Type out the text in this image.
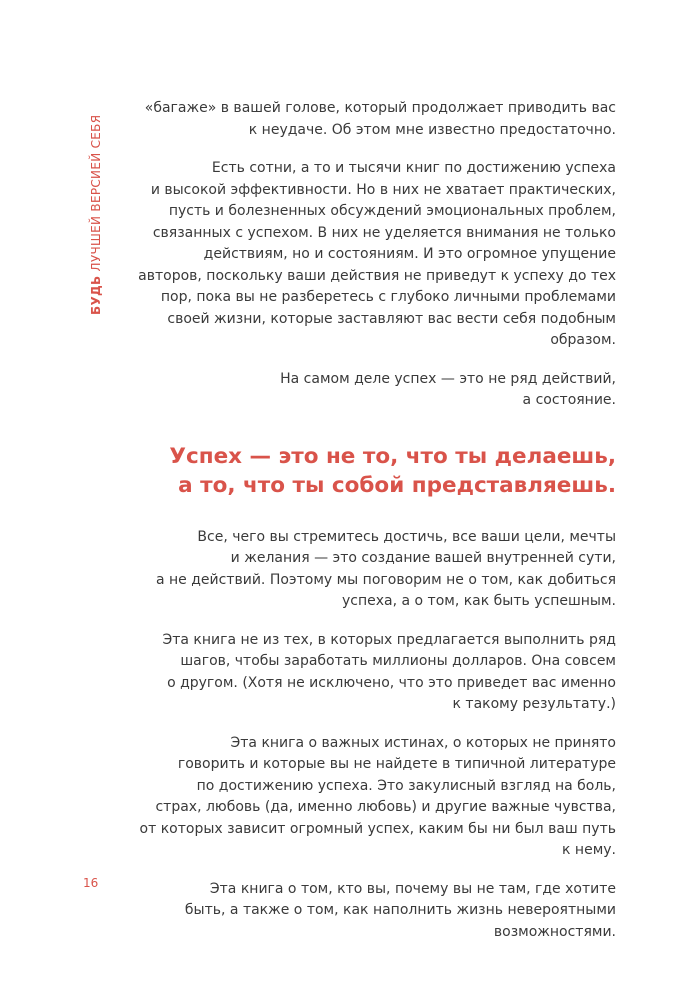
БУДЬ ЛУЧШЕЙ ВЕРСИЕЙ СЕБЯ

«багаже» в вашей голове, который продолжает приводить вас
к неудаче. Об этом мне известно предостаточно.

Есть сотни, а то и тысячи книг по достижению успеха
и высокой эффективности. Но в них не хватает практических,
пусть и болезненных обсуждений эмоциональных проблем,
связанных с успехом. В них не уделяется внимания не только
действиям, но и состояниям. И это огромное упущение
авторов, поскольку ваши действия не приведут к успеху до тех
пор, пока вы не разберетесь с глубоко личными проблемами
своей жизни, которые заставляют вас вести себя подобным
образом.

На самом деле успех — это не ряд действий,
а состояние.

Успех — это не то, что ты делаешь,
а то, что ты собой представляешь.

Все, чего вы стремитесь достичь, все ваши цели, мечты
и желания — это создание вашей внутренней сути,
а не действий. Поэтому мы поговорим не о том, как добиться
успеха, а о том, как быть успешным.

Эта книга не из тех, в которых предлагается выполнить ряд
шагов, чтобы заработать миллионы долларов. Она совсем
о другом. (Хотя не исключено, что это приведет вас именно
к такому результату.)

Эта книга о важных истинах, о которых не принято
говорить и которые вы не найдете в типичной литературе
по достижению успеха. Это закулисный взгляд на боль,
страх, любовь (да, именно любовь) и другие важные чувства,
от которых зависит огромный успех, каким бы ни был ваш путь
к нему.

Эта книга о том, кто вы, почему вы не там, где хотите
быть, а также о том, как наполнить жизнь невероятными
возможностями.

16
